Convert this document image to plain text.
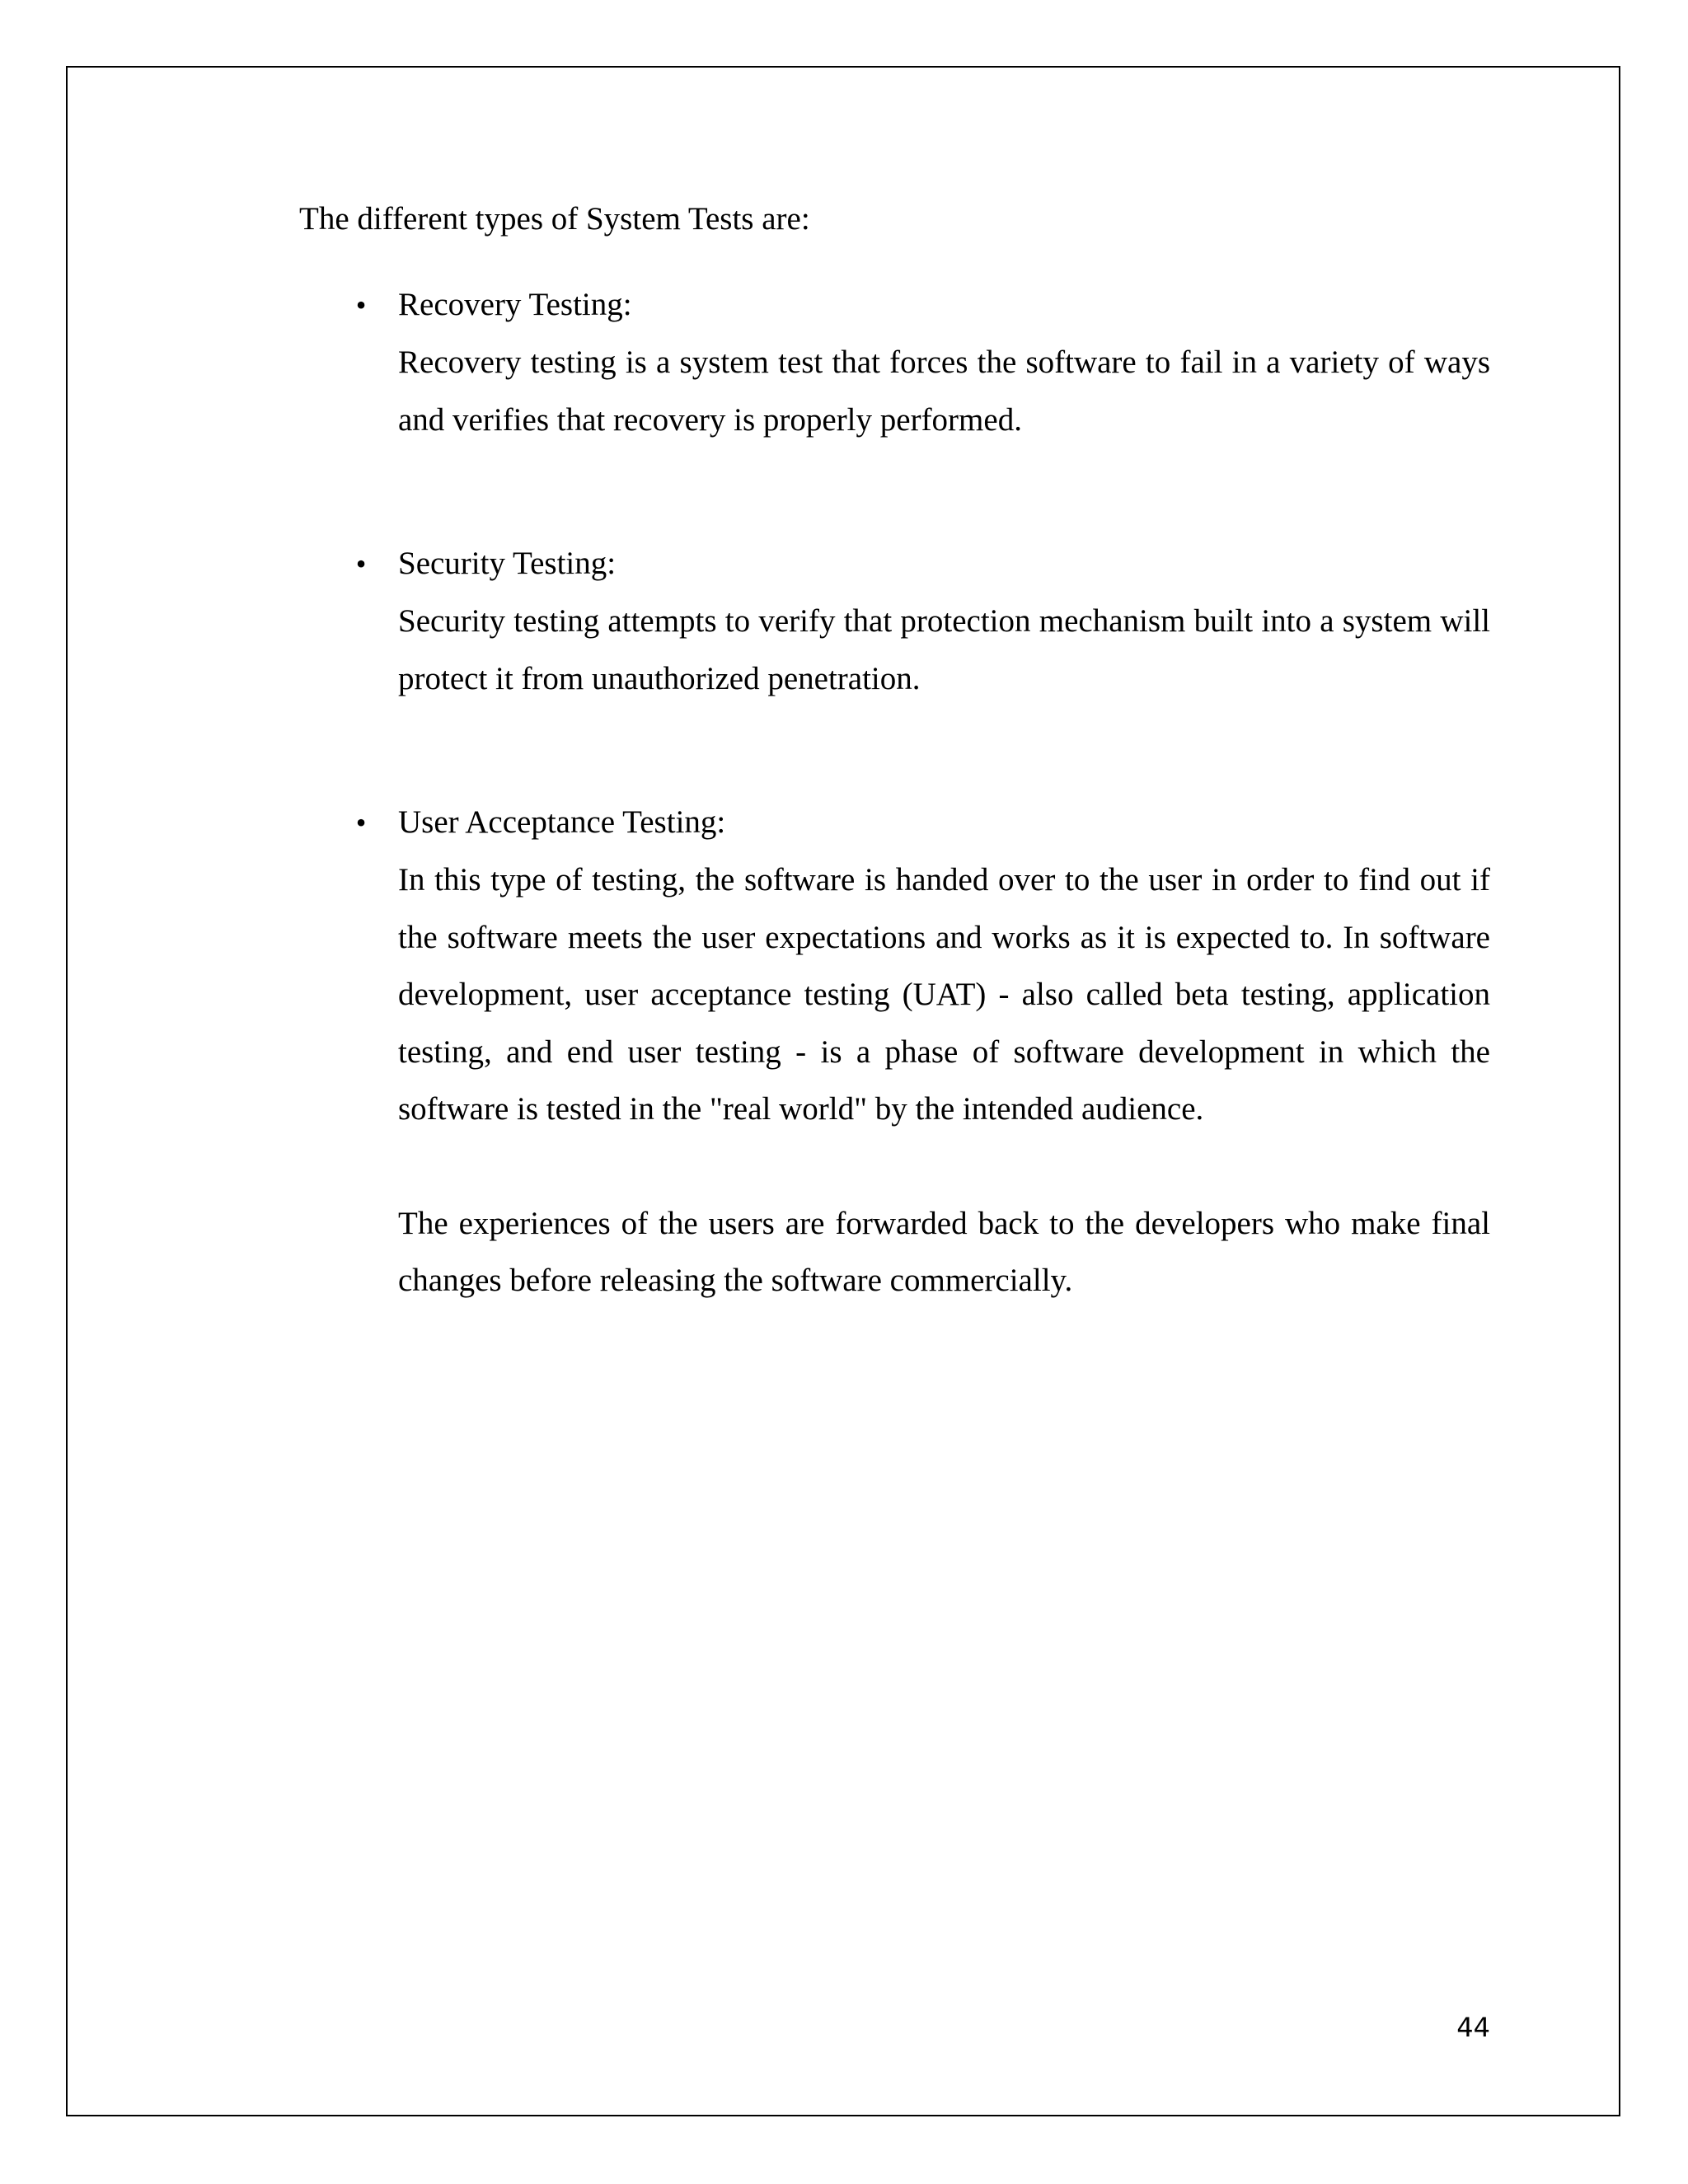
The different types of System Tests are:

• Recovery Testing:

Recovery testing is a system test that forces the software to fail in a variety of ways and verifies that recovery is properly performed.

• Security Testing:

Security testing attempts to verify that protection mechanism built into a system will protect it from unauthorized penetration.

• User Acceptance Testing:

In this type of testing, the software is handed over to the user in order to find out if the software meets the user expectations and works as it is expected to. In software development, user acceptance testing (UAT) - also called beta testing, application testing, and end user testing - is a phase of software development in which the software is tested in the "real world" by the intended audience.

The experiences of the users are forwarded back to the developers who make final changes before releasing the software commercially.

44
